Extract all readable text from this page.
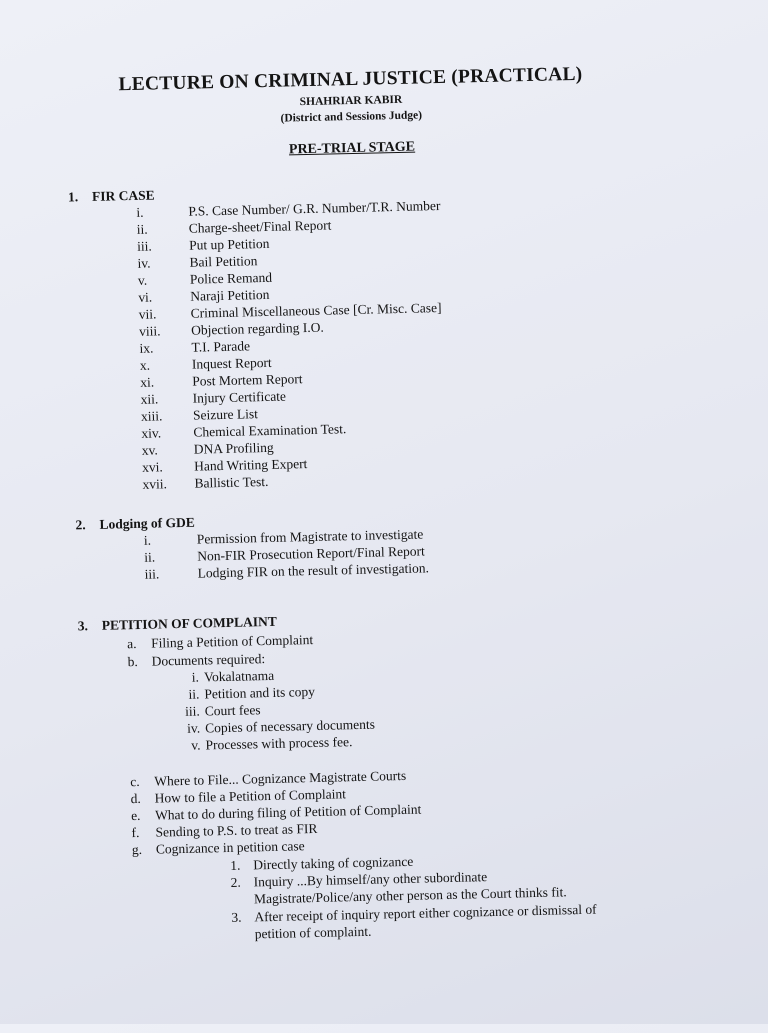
LECTURE ON CRIMINAL JUSTICE (PRACTICAL)
SHAHRIAR KABIR
(District and Sessions Judge)
PRE-TRIAL STAGE
1. FIR CASE
i.	P.S. Case Number/ G.R. Number/T.R. Number
ii.	Charge-sheet/Final Report
iii.	Put up Petition
iv.	Bail Petition
v.	Police Remand
vi.	Naraji Petition
vii.	Criminal Miscellaneous Case [Cr. Misc. Case]
viii. Objection regarding I.O.
ix.	T.I. Parade
x.	Inquest Report
xi.	Post Mortem Report
xii.	Injury Certificate
xiii. Seizure List
xiv. Chemical Examination Test.
xv.	DNA Profiling
xvi. Hand Writing Expert
xvii. Ballistic Test.
2. Lodging of GDE
i.	Permission from Magistrate to investigate
ii.	Non-FIR Prosecution Report/Final Report
iii.	Lodging FIR on the result of investigation.
3. PETITION OF COMPLAINT
a. Filing a Petition of Complaint
b. Documents required:
i. Vokalatnama
ii. Petition and its copy
iii. Court fees
iv. Copies of necessary documents
v. Processes with process fee.
c. Where to File... Cognizance Magistrate Courts
d. How to file a Petition of Complaint
e. What to do during filing of Petition of Complaint
f. Sending to P.S. to treat as FIR
g. Cognizance in petition case
1. Directly taking of cognizance
2. Inquiry ...By himself/any other subordinate
Magistrate/Police/any other person as the Court thinks fit.
3. After receipt of inquiry report either cognizance or dismissal of
petition of complaint.
